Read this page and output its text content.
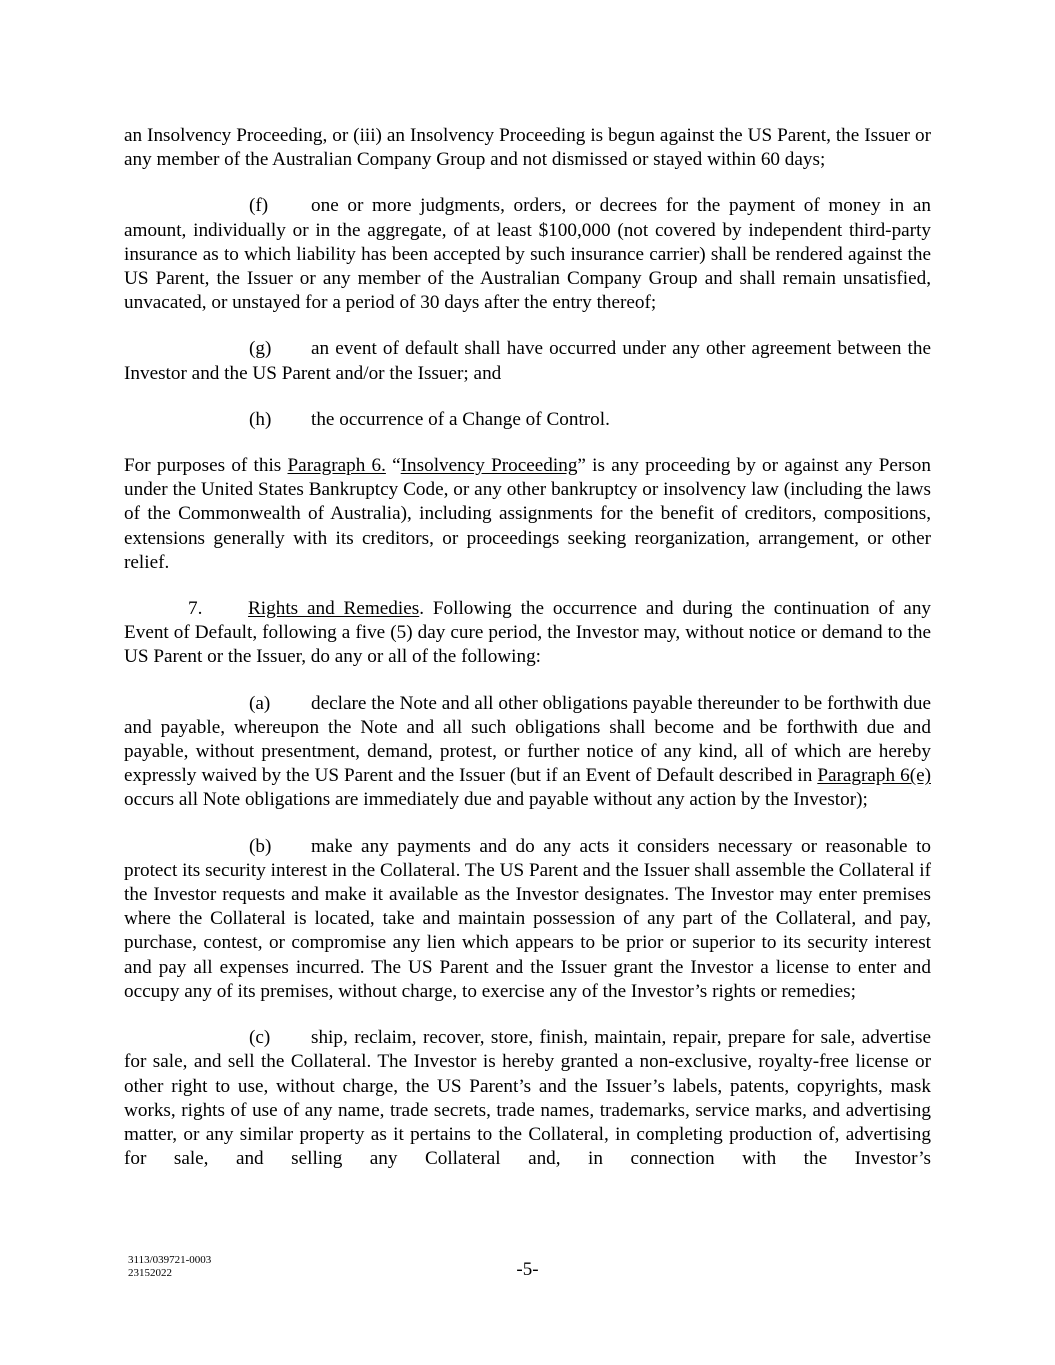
an Insolvency Proceeding, or (iii) an Insolvency Proceeding is begun against the US Parent, the Issuer or any member of the Australian Company Group and not dismissed or stayed within 60 days;

(f) one or more judgments, orders, or decrees for the payment of money in an amount, individually or in the aggregate, of at least $100,000 (not covered by independent third-party insurance as to which liability has been accepted by such insurance carrier) shall be rendered against the US Parent, the Issuer or any member of the Australian Company Group and shall remain unsatisfied, unvacated, or unstayed for a period of 30 days after the entry thereof;

(g) an event of default shall have occurred under any other agreement between the Investor and the US Parent and/or the Issuer; and

(h) the occurrence of a Change of Control.

For purposes of this Paragraph 6. “Insolvency Proceeding” is any proceeding by or against any Person under the United States Bankruptcy Code, or any other bankruptcy or insolvency law (including the laws of the Commonwealth of Australia), including assignments for the benefit of creditors, compositions, extensions generally with its creditors, or proceedings seeking reorganization, arrangement, or other relief.

7. Rights and Remedies. Following the occurrence and during the continuation of any Event of Default, following a five (5) day cure period, the Investor may, without notice or demand to the US Parent or the Issuer, do any or all of the following:

(a) declare the Note and all other obligations payable thereunder to be forthwith due and payable, whereupon the Note and all such obligations shall become and be forthwith due and payable, without presentment, demand, protest, or further notice of any kind, all of which are hereby expressly waived by the US Parent and the Issuer (but if an Event of Default described in Paragraph 6(e) occurs all Note obligations are immediately due and payable without any action by the Investor);

(b) make any payments and do any acts it considers necessary or reasonable to protect its security interest in the Collateral. The US Parent and the Issuer shall assemble the Collateral if the Investor requests and make it available as the Investor designates. The Investor may enter premises where the Collateral is located, take and maintain possession of any part of the Collateral, and pay, purchase, contest, or compromise any lien which appears to be prior or superior to its security interest and pay all expenses incurred. The US Parent and the Issuer grant the Investor a license to enter and occupy any of its premises, without charge, to exercise any of the Investor’s rights or remedies;

(c) ship, reclaim, recover, store, finish, maintain, repair, prepare for sale, advertise for sale, and sell the Collateral. The Investor is hereby granted a non-exclusive, royalty-free license or other right to use, without charge, the US Parent’s and the Issuer’s labels, patents, copyrights, mask works, rights of use of any name, trade secrets, trade names, trademarks, service marks, and advertising matter, or any similar property as it pertains to the Collateral, in completing production of, advertising for sale, and selling any Collateral and, in connection with the Investor’s

3113/039721-0003
23152022	-5-
